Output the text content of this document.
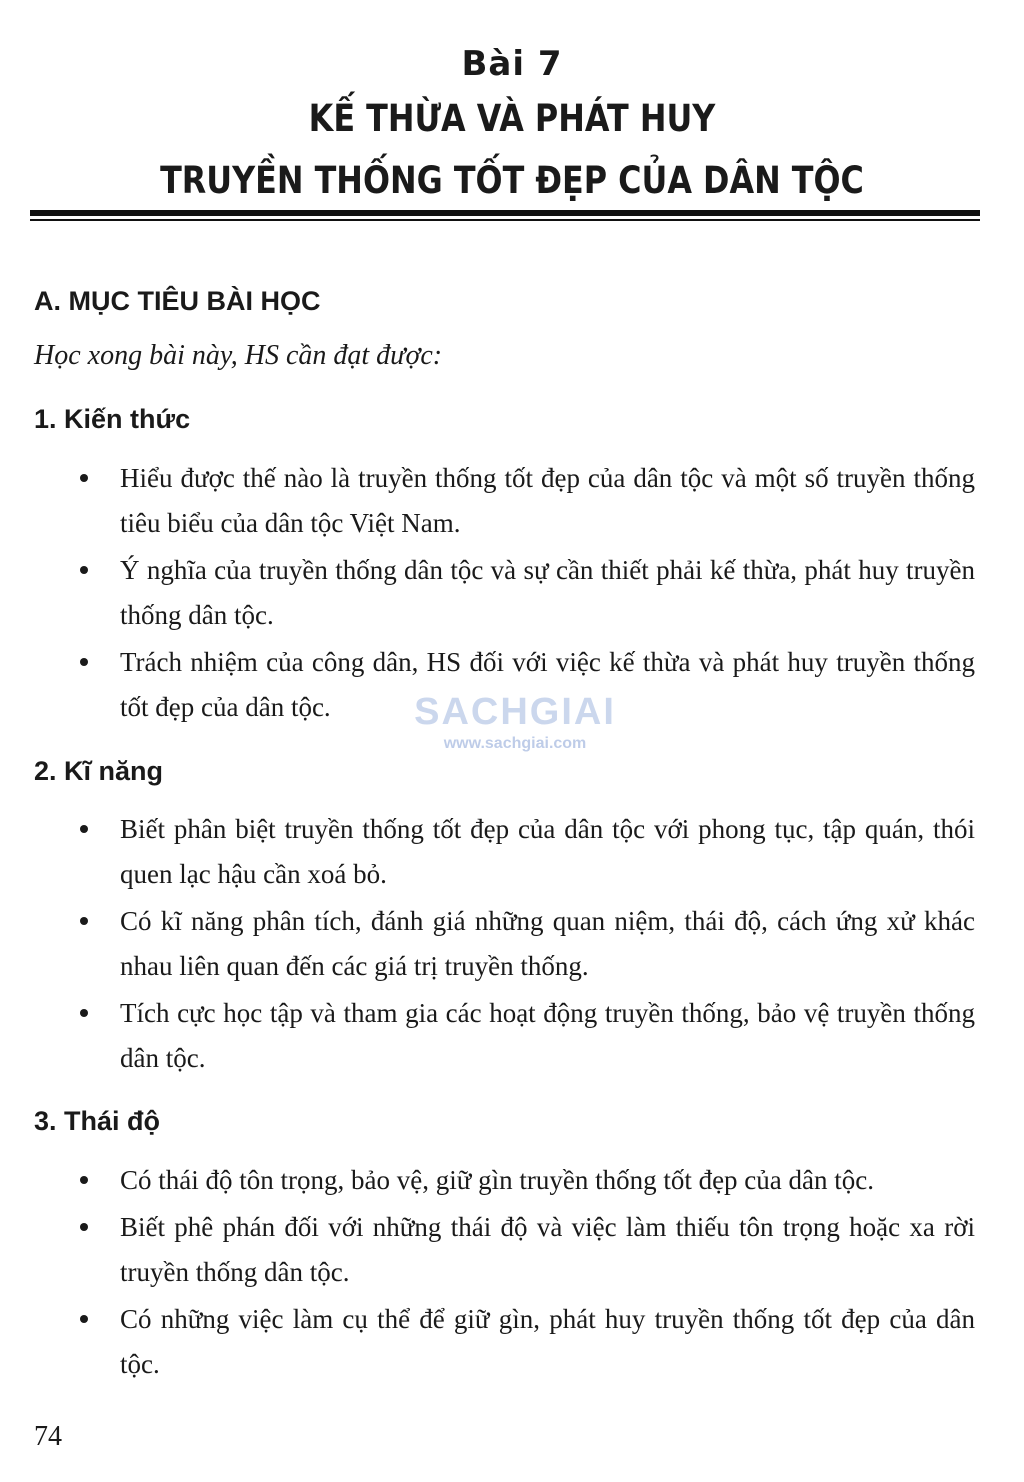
Bài 7
KẾ THỪA VÀ PHÁT HUY
TRUYỀN THỐNG TỐT ĐẸP CỦA DÂN TỘC
A. MỤC TIÊU BÀI HỌC
Học xong bài này, HS cần đạt được:
1. Kiến thức
Hiểu được thế nào là truyền thống tốt đẹp của dân tộc và một số truyền thống tiêu biểu của dân tộc Việt Nam.
Ý nghĩa của truyền thống dân tộc và sự cần thiết phải kế thừa, phát huy truyền thống dân tộc.
Trách nhiệm của công dân, HS đối với việc kế thừa và phát huy truyền thống tốt đẹp của dân tộc.	SACHGIAI
www.sachgiai.com
2. Kĩ năng
Biết phân biệt truyền thống tốt đẹp của dân tộc với phong tục, tập quán, thói quen lạc hậu cần xoá bỏ.
Có kĩ năng phân tích, đánh giá những quan niệm, thái độ, cách ứng xử khác nhau liên quan đến các giá trị truyền thống.
Tích cực học tập và tham gia các hoạt động truyền thống, bảo vệ truyền thống dân tộc.
3. Thái độ
Có thái độ tôn trọng, bảo vệ, giữ gìn truyền thống tốt đẹp của dân tộc.
Biết phê phán đối với những thái độ và việc làm thiếu tôn trọng hoặc xa rời truyền thống dân tộc.
Có những việc làm cụ thể để giữ gìn, phát huy truyền thống tốt đẹp của dân tộc.
74
